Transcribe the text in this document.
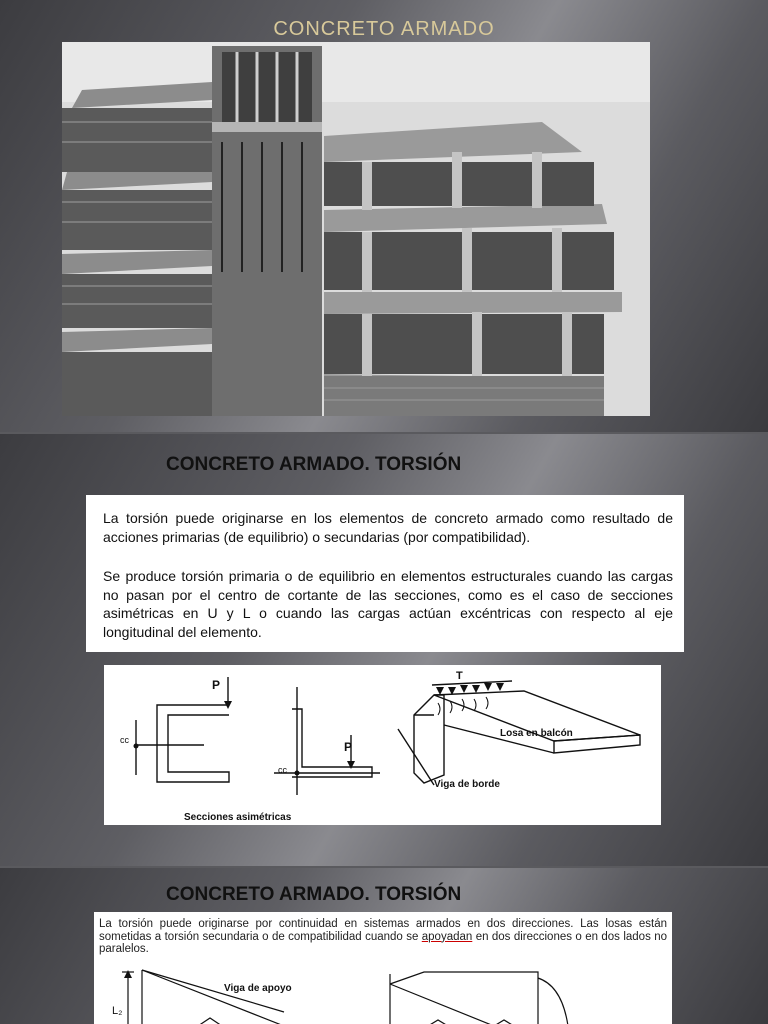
CONCRETO ARMADO
CONCRETO ARMADO. TORSIÓN

La torsión puede originarse en los elementos de concreto armado como resultado de acciones primarias (de equilibrio) o secundarias (por compatibilidad).

Se produce torsión primaria o de equilibrio en elementos estructurales cuando las cargas no pasan por el centro de cortante de las secciones, como es el caso de secciones asimétricas en U y L o cuando las cargas actúan excéntricas con respecto al eje longitudinal del elemento.

P
cc	P
cc
T
Losa en balcón
Viga de borde
Secciones asimétricas
CONCRETO ARMADO. TORSIÓN

La torsión puede originarse por continuidad en sistemas armados en dos direcciones. Las losas están sometidas a torsión secundaria o de compatibilidad cuando se apoyadan en dos direcciones o en dos lados no paralelos.

Viga de apoyo
L₂
